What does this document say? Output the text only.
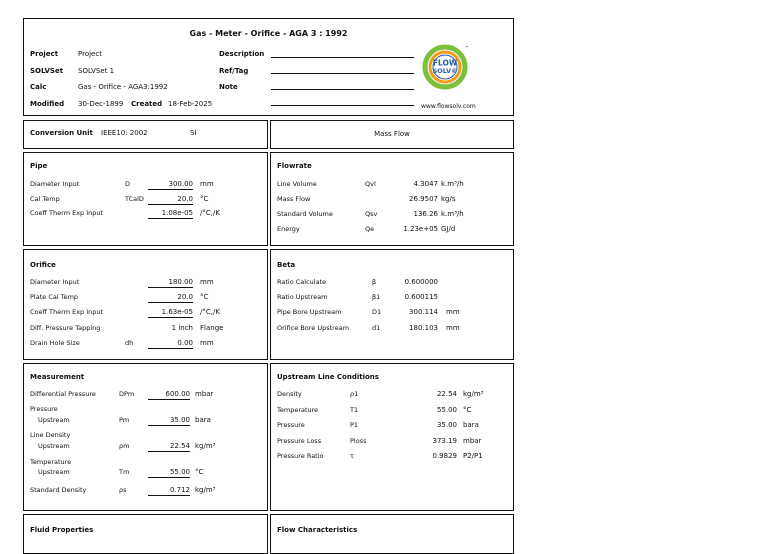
Gas - Meter - Orifice - AGA 3 : 1992
Project	Project
SOLVSet SOLVSet 1
Calc	Gas - Orifice - AGA3:1992
Modified 30-Dec-1899 Created 18-Feb-2025
Description
Ref/Tag
Note
FLOW
SOLV®
™
www.flowsolv.com
Conversion Unit IEEE10: 2002	SI	Mass Flow
Pipe
Diameter Input	D	300.00 mm
Cal Temp	TCalD	20.0 °C
Coeff Therm Exp Input	1.08e-05 /°C,/K
Flowrate
Line Volume	Qvl	4.3047 k.m³/h
Mass Flow	26.9507 kg/s
Standard Volume	Qsv	136.26 k.m³/h
Energy	Qe	1.23e+05 GJ/d
Orifice
Diameter Input	180.00 mm
Plate Cal Temp	20.0 °C
Coeff Therm Exp Input	1.63e-05 /°C,/K
Diff. Pressure Tapping	1 inch Flange
Drain Hole Size	dh	0.00 mm
Beta
Ratio Calculate	β	0.600000
Ratio Upstream	β1	0.600115
Pipe Bore Upstream	D1	300.114 mm
Orifice Bore Upstream	d1	180.103 mm
Measurement
Differential Pressure	DPm	600.00 mbar
Pressure
Upstream	Pm	35.00 bara
Line Density
Upstream	ρm	22.54 kg/m³
Temperature
Upstream	Tm	55.00 °C
Standard Density	ρs	0.712 kg/m³
Upstream Line Conditions
Density	ρ1	22.54 kg/m³
Temperature	T1	55.00 °C
Pressure	P1	35.00 bara
Pressure Loss	Ploss	373.19 mbar
Pressure Ratio	τ	0.9829 P2/P1
Fluid Properties	Flow Characteristics
